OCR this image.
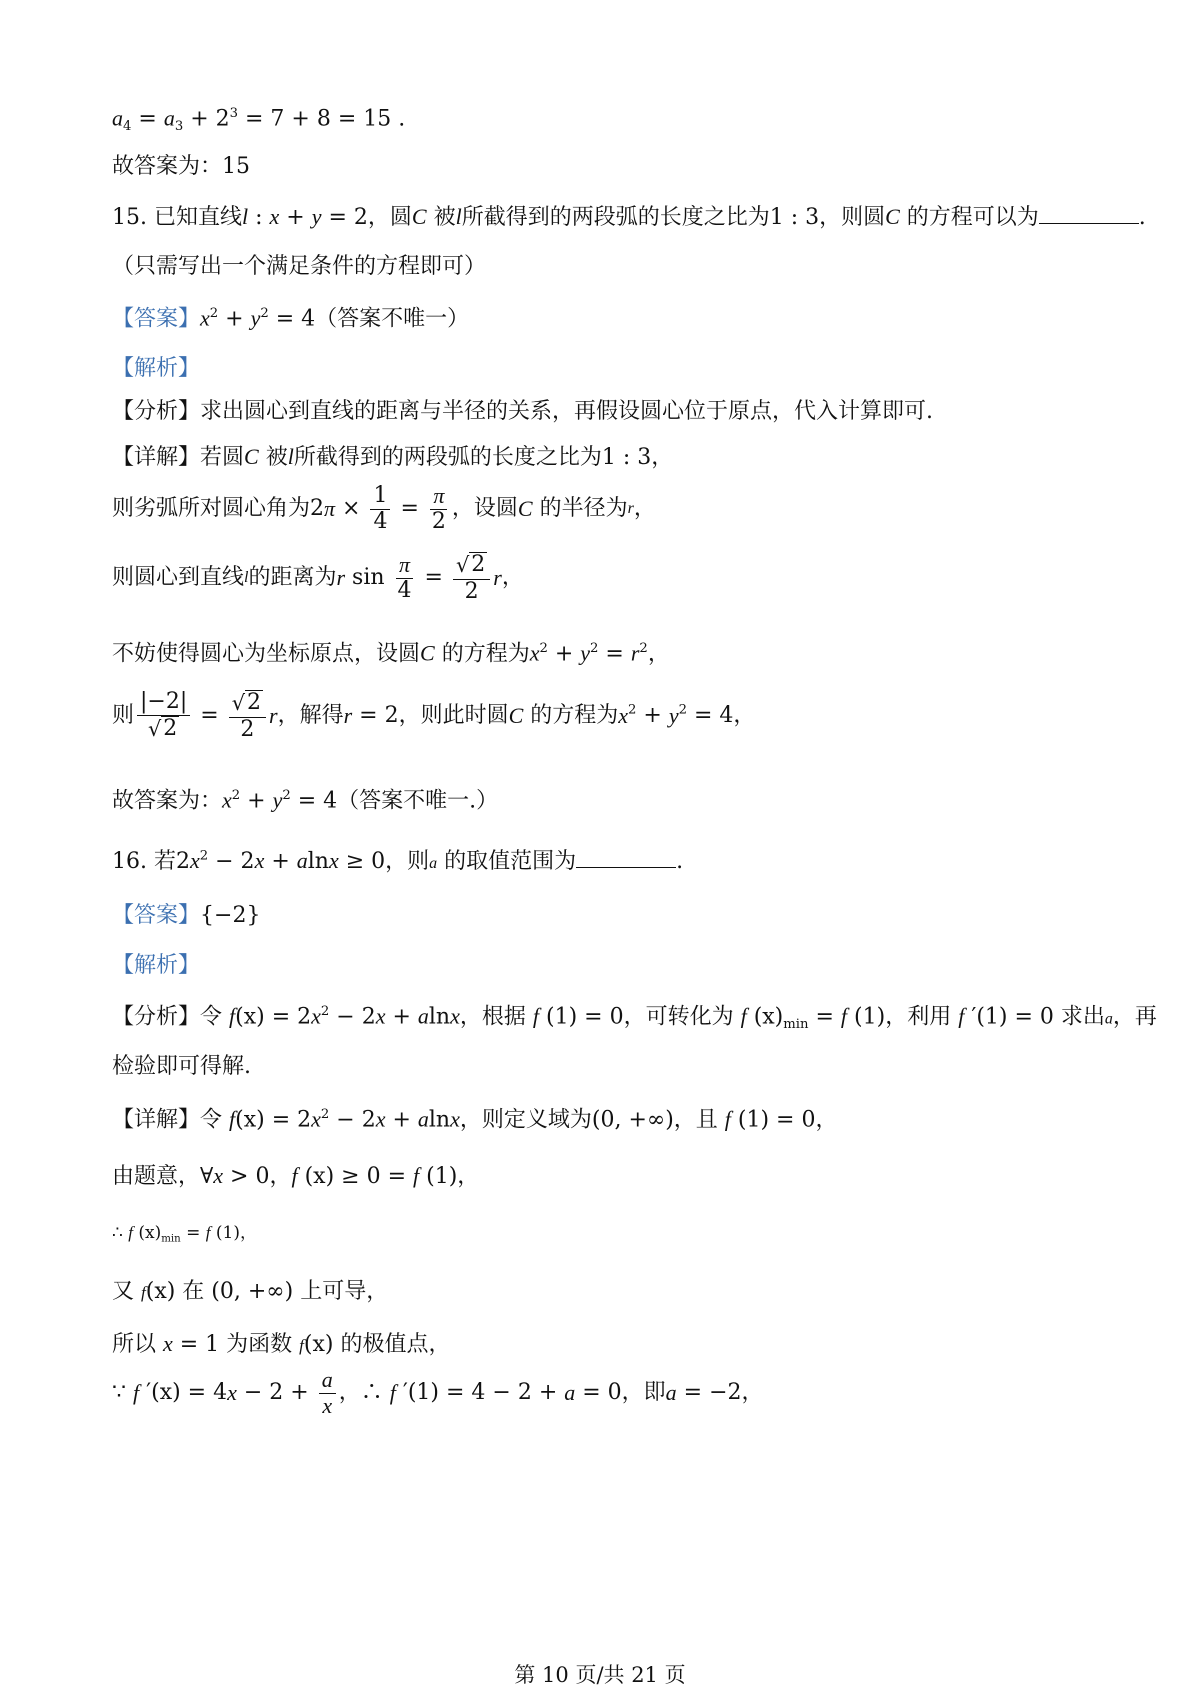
$a_4 = a_3 + 2^3 = 7 + 8 = 15$ .
故答案为：15
15. 已知直线l : x + y = 2，圆C 被l所截得到的两段弧的长度之比为1 : 3，则圆C 的方程可以为	.
（只需写出一个满足条件的方程即可）
【答案】$x^2 + y^2 = 4$（答案不唯一）
【解析】
【分析】求出圆心到直线的距离与半径的关系，再假设圆心位于原点，代入计算即可.
【详解】若圆C 被l所截得到的两段弧的长度之比为1 : 3，
则劣弧所对圆心角为$2\pi \times \frac{1}{4} = \frac{\pi}{2}$ ，设圆C 的半径为r，
则圆心到直线l的距离为r $\sin \frac{\pi}{4} = \frac{√ 2}{2}$ r，
不妨使得圆心为坐标原点，设圆C 的方程为$x^2 + y^2 = r^2$，
则 $\frac{|-2|}{√ 2} = \frac{√ 2}{2}$ r，解得r = 2，则此时圆C 的方程为$x^2 + y^2 = 4$，
故答案为：$x^2 + y^2 = 4$（答案不唯一.）
16. 若$2x^2 - 2x + alnx \ge 0$，则a 的取值范围为	.
【答案】{−2}
【解析】
【分析】令 $f(x) = 2x^2 - 2x + alnx$，根据 f (1) = 0，可转化为 f $(x)_{min} = f$ (1)，利用 f ′(1) = 0 求出a，再
检验即可得解.
【详解】令 $f(x) = 2x^2 - 2x + alnx$，则定义域为(0, +∞)，且 f (1) = 0，
由题意，∀x > 0，f (x) ≥ 0 = f (1)，
∴ f $(x)_{min} = f$ (1)，
又 f(x) 在 (0, +∞) 上可导，
所以 x = 1 为函数 f(x) 的极值点，
∵ f $'(x) = 4x - 2 + \frac{a}{x}$ ，∴ f ′(1) = 4 − 2 + a = 0，即a = −2，
第 10 页/共 21 页
